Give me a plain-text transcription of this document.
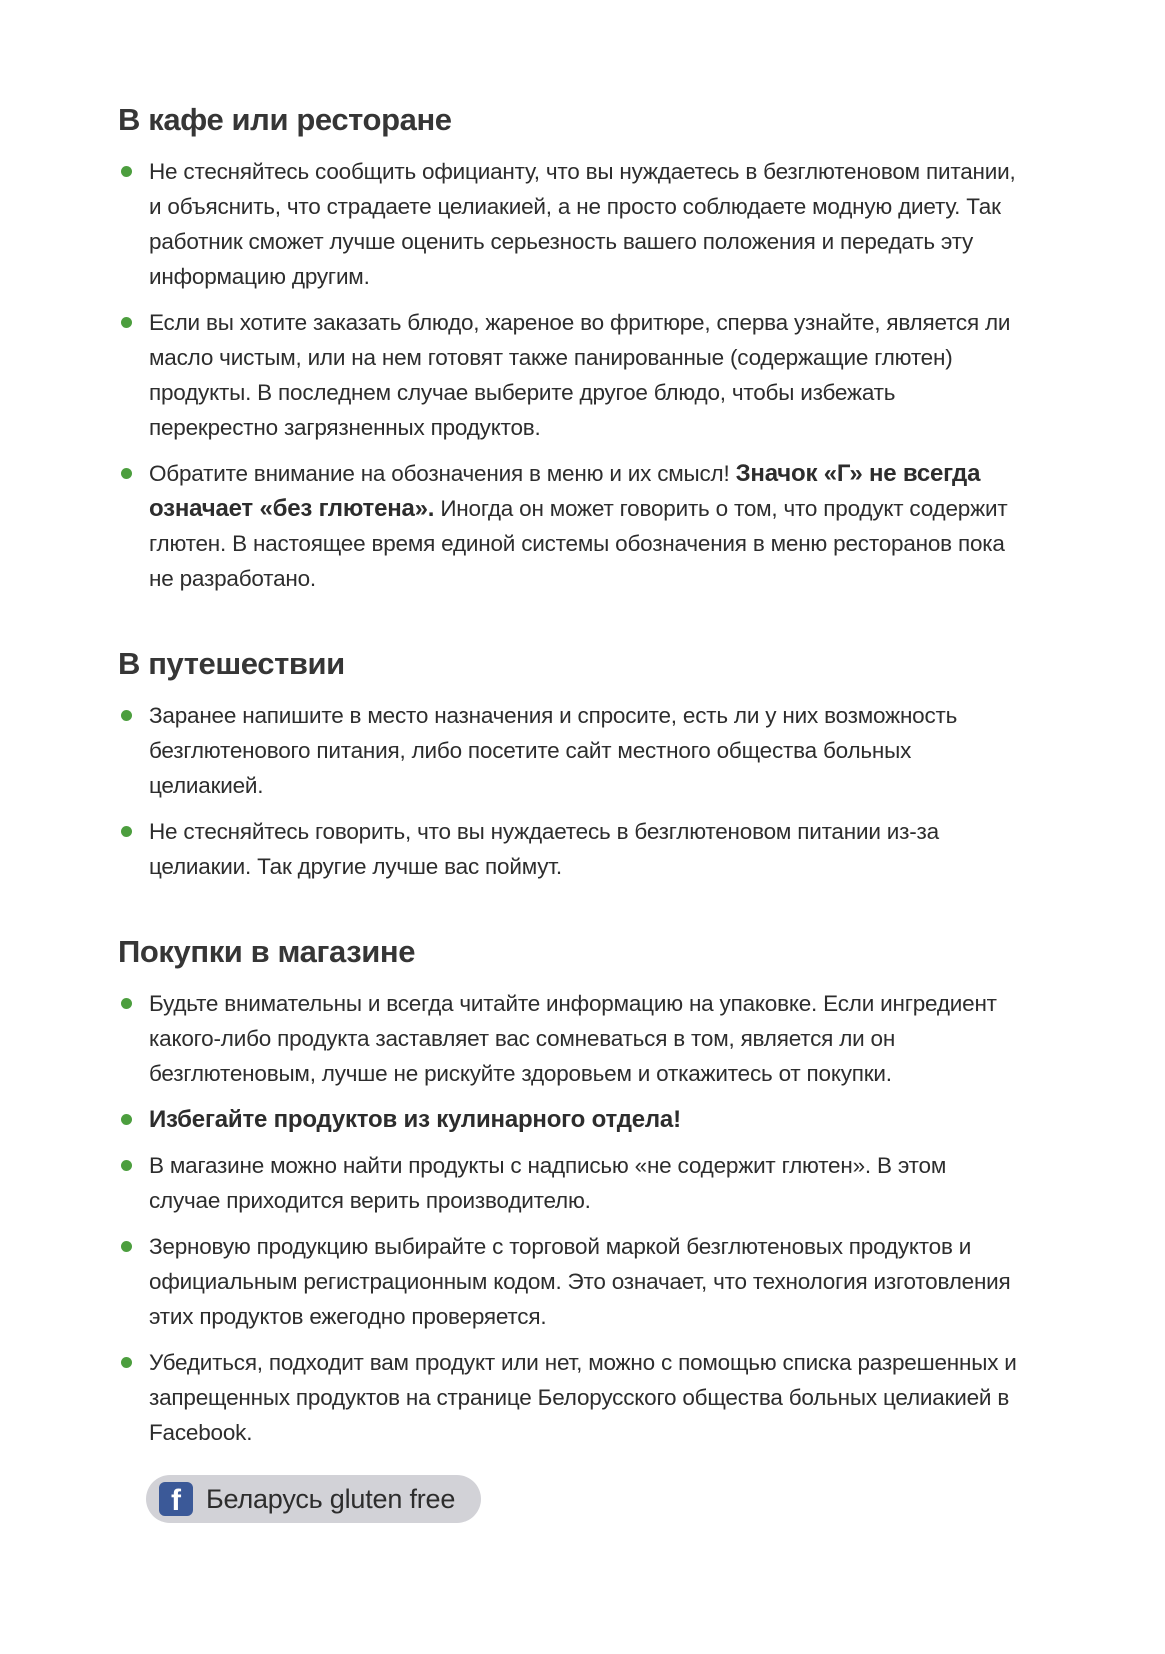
В кафе или ресторане
Не стесняйтесь сообщить официанту, что вы нуждаетесь в безглютеновом питании, и объяснить, что страдаете целиакией, а не просто соблюдаете модную диету. Так работник сможет лучше оценить серьезность вашего положения и передать эту информацию другим.
Если вы хотите заказать блюдо, жареное во фритюре, сперва узнайте, является ли масло чистым, или на нем готовят также панированные (содержащие глютен) продукты. В последнем случае выберите другое блюдо, чтобы избежать перекрестно загрязненных продуктов.
Обратите внимание на обозначения в меню и их смысл! Значок «Г» не всегда означает «без глютена». Иногда он может говорить о том, что продукт содержит глютен. В настоящее время единой системы обозначения в меню ресторанов пока не разработано.
В путешествии
Заранее напишите в место назначения и спросите, есть ли у них возможность безглютенового питания, либо посетите сайт местного общества больных целиакией.
Не стесняйтесь говорить, что вы нуждаетесь в безглютеновом питании из-за целиакии. Так другие лучше вас поймут.
Покупки в магазине
Будьте внимательны и всегда читайте информацию на упаковке. Если ингредиент какого-либо продукта заставляет вас сомневаться в том, является ли он безглютеновым, лучше не рискуйте здоровьем и откажитесь от покупки.
Избегайте продуктов из кулинарного отдела!
В магазине можно найти продукты с надписью «не содержит глютен». В этом случае приходится верить производителю.
Зерновую продукцию выбирайте с торговой маркой безглютеновых продуктов и официальным регистрационным кодом. Это означает, что технология изготовления этих продуктов ежегодно проверяется.
Убедиться, подходит вам продукт или нет, можно с помощью списка разрешенных и запрещенных продуктов на странице Белорусского общества больных целиакией в Facebook.
f Беларусь gluten free
